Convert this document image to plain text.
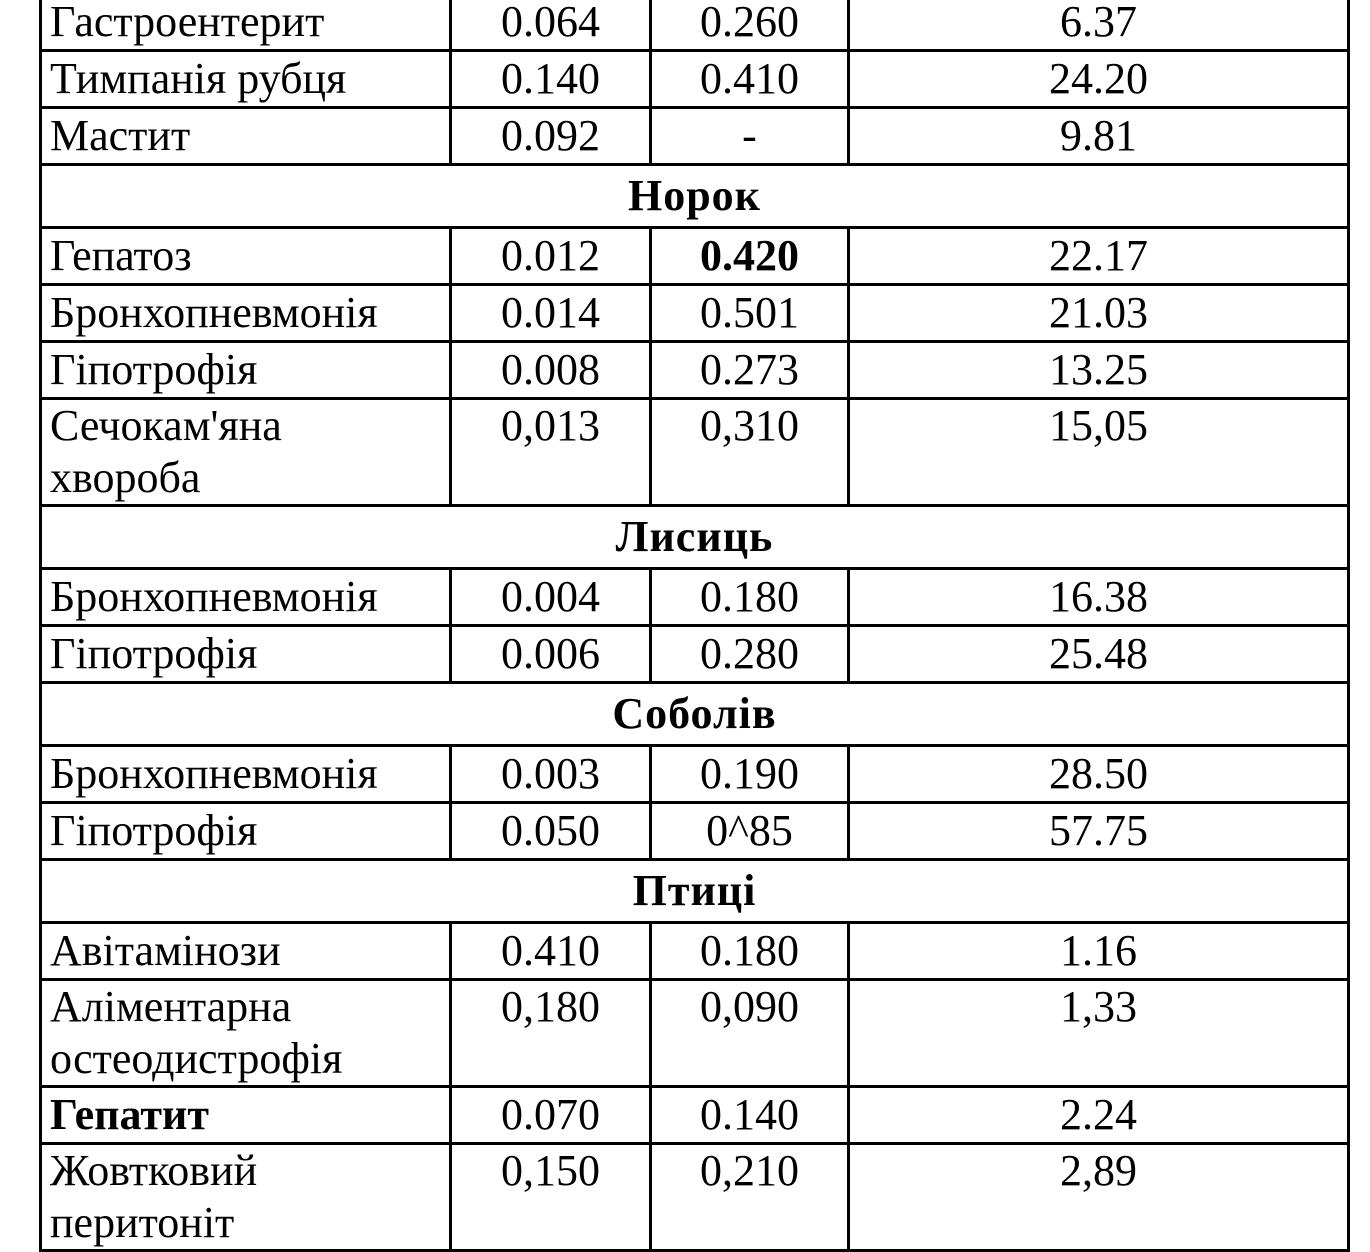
Гастроентерит	0.064	0.260	6.37

Тимпанія рубця	0.140	0.410	24.20

Мастит	0.092	-	9.81

Норок			

Гепатоз	0.012	0.420	22.17

Бронхопневмонія	0.014	0.501	21.03

Гіпотрофія	0.008	0.273	13.25

Сечокам'яна
хвороба	0,013	0,310	15,05

Лисиць			

Бронхопневмонія	0.004	0.180	16.38

Гіпотрофія	0.006	0.280	25.48

Соболів			

Бронхопневмонія	0.003	0.190	28.50

Гіпотрофія	0.050	0^85	57.75

Птиці			

Авітамінози	0.410	0.180	1.16

Аліментарна
остеодистрофія	0,180	0,090	1,33

Гепатит	0.070	0.140	2.24

Жовтковий
перитоніт	0,150	0,210	2,89
